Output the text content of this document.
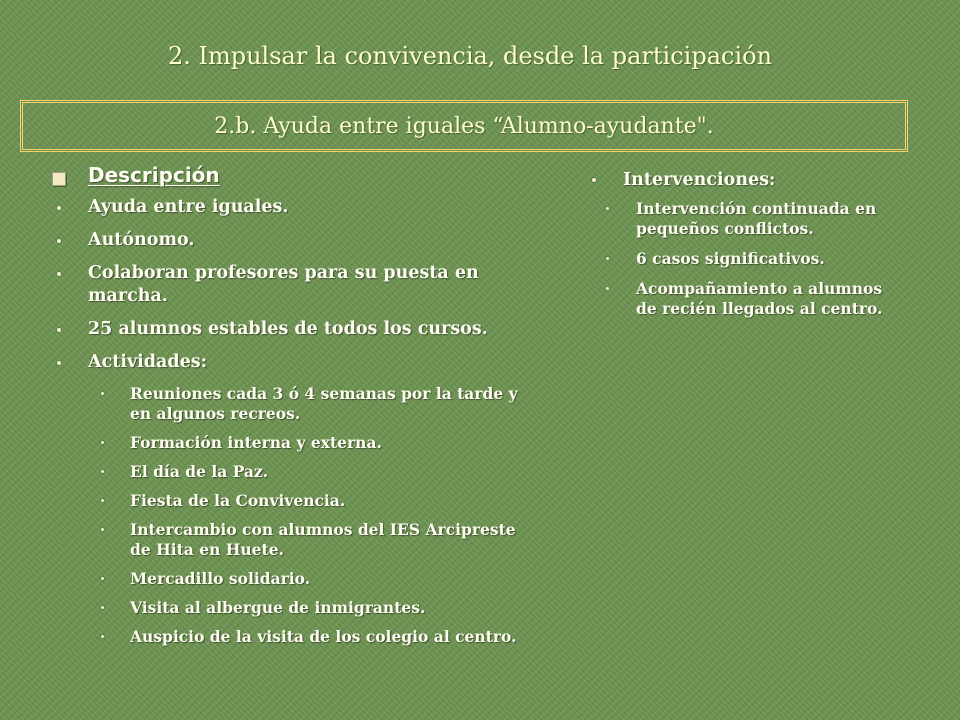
2. Impulsar la convivencia, desde la participación
2.b. Ayuda entre iguales “Alumno-ayudante".
Descripción
Ayuda entre iguales.
Autónomo.
Colaboran profesores para su puesta en marcha.
25 alumnos estables de todos los cursos.
Actividades:
Reuniones cada 3 ó 4 semanas por la tarde y en algunos recreos.
Formación interna y externa.
El día de la Paz.
Fiesta de la Convivencia.
Intercambio con alumnos del IES Arcipreste de Hita en Huete.
Mercadillo solidario.
Visita al albergue de inmigrantes.
Auspicio de la visita de los colegio al centro.
Intervenciones:
Intervención continuada en pequeños conflictos.
6 casos significativos.
Acompañamiento a alumnos de recién llegados al centro.
